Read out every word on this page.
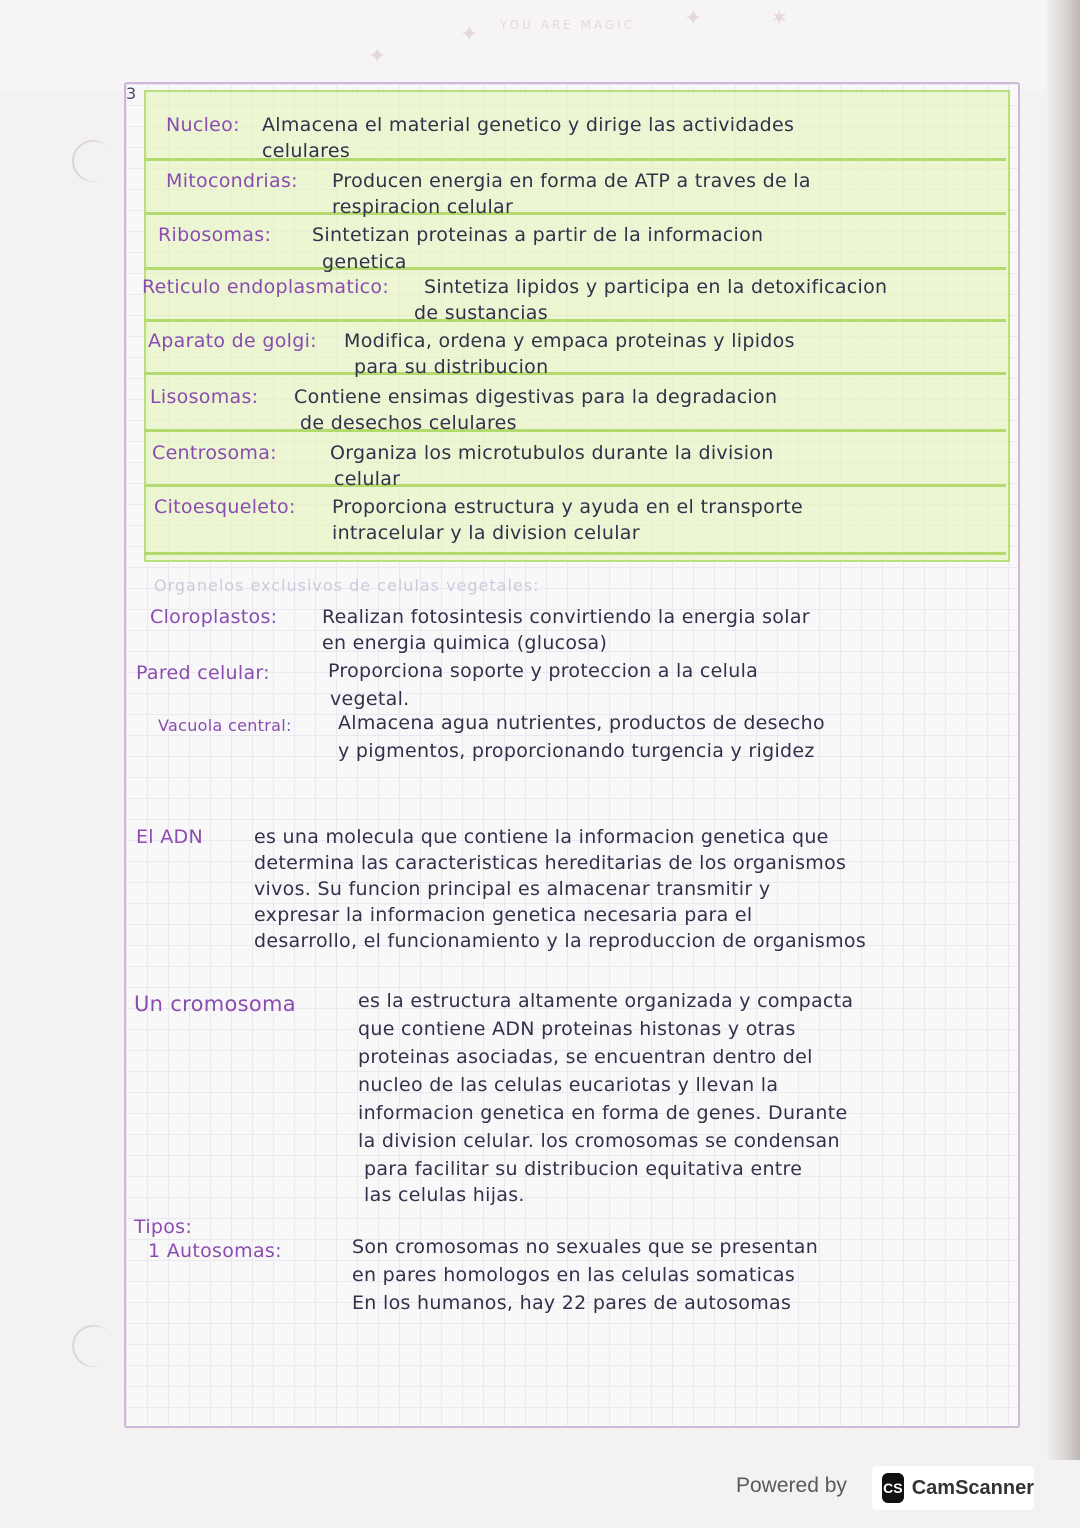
YOU ARE MAGIC
✦
✦	✶
✦
3
Nucleo: Almacena el material genetico y dirige las actividades
celulares
Mitocondrias: Producen energia en forma de ATP a traves de la
respiracion celular
Ribosomas: Sintetizan proteinas a partir de la informacion
genetica
Reticulo endoplasmatico: Sintetiza lipidos y participa en la detoxificacion
de sustancias
Aparato de golgi: Modifica, ordena y empaca proteinas y lipidos
para su distribucion
Lisosomas: Contiene ensimas digestivas para la degradacion
de desechos celulares
Centrosoma:	Organiza los microtubulos durante la division
celular
Citoesqueleto: Proporciona estructura y ayuda en el transporte
intracelular y la division celular
Organelos exclusivos de celulas vegetales:
Cloroplastos: Realizan fotosintesis convirtiendo la energia solar
en energia quimica (glucosa)
Pared celular:	Proporciona soporte y proteccion a la celula
vegetal.
Vacuola central: Almacena agua nutrientes, productos de desecho
y pigmentos, proporcionando turgencia y rigidez
El ADN	es una molecula que contiene la informacion genetica que
determina las caracteristicas hereditarias de los organismos
vivos. Su funcion principal es almacenar transmitir y
expresar la informacion genetica necesaria para el
desarrollo, el funcionamiento y la reproduccion de organismos
Un cromosoma	es la estructura altamente organizada y compacta
que contiene ADN proteinas histonas y otras
proteinas asociadas, se encuentran dentro del
nucleo de las celulas eucariotas y llevan la
informacion genetica en forma de genes. Durante
la division celular. los cromosomas se condensan
para facilitar su distribucion equitativa entre
las celulas hijas.
Tipos:
1 Autosomas:	Son cromosomas no sexuales que se presentan
en pares homologos en las celulas somaticas
En los humanos, hay 22 pares de autosomas
Powered by	CS CamScanner
